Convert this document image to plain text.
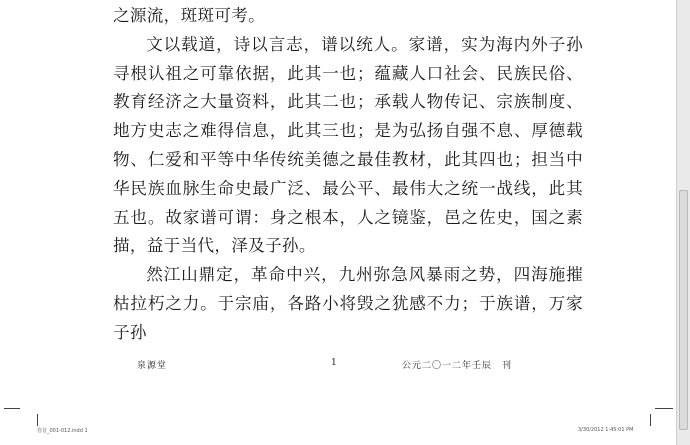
之源流，斑斑可考。

文以载道，诗以言志，谱以统人。家谱，实为海内外子孙寻根认祖之可靠依据，此其一也；蕴藏人口社会、民族民俗、教育经济之大量资料，此其二也；承载人物传记、宗族制度、地方史志之难得信息，此其三也；是为弘扬自强不息、厚德载物、仁爱和平等中华传统美德之最佳教材，此其四也；担当中华民族血脉生命史最广泛、最公平、最伟大之统一战线，此其五也。故家谱可谓：身之根本，人之镜鉴，邑之佐史，国之素描，益于当代，泽及子孙。

然江山鼎定，革命中兴，九州弥急风暴雨之势，四海施摧枯拉朽之力。于宗庙，各路小将毁之犹感不力；于族谱，万家子孙

泉源堂	1	公元二〇一二年壬辰　刊
卷首_001-012.indd 1	3/30/2012 1:45:01 PM
